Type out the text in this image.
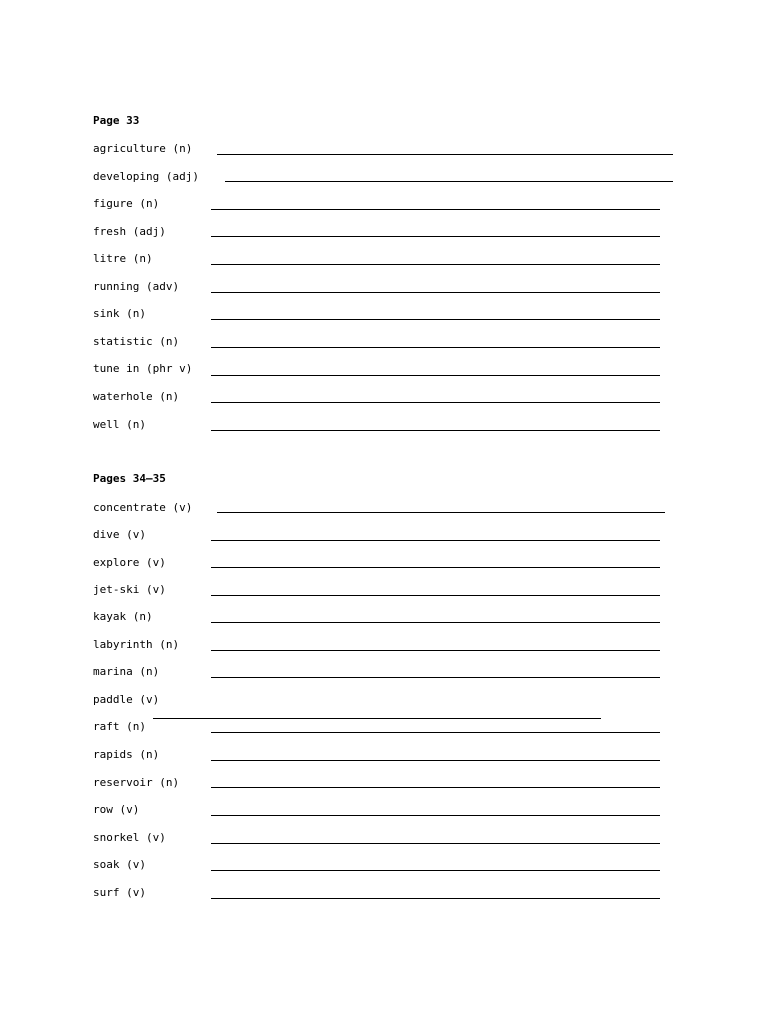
Page 33
agriculture (n)
developing (adj)
figure (n)
fresh (adj)
litre (n)
running (adv)
sink (n)
statistic (n)
tune in (phr v)
waterhole (n)
well (n)
Pages 34–35
concentrate (v)
dive (v)
explore (v)
jet-ski (v)
kayak (n)
labyrinth (n)
marina (n)
paddle (v)
raft (n)
rapids (n)
reservoir (n)
row (v)
snorkel (v)
soak (v)
surf (v)
